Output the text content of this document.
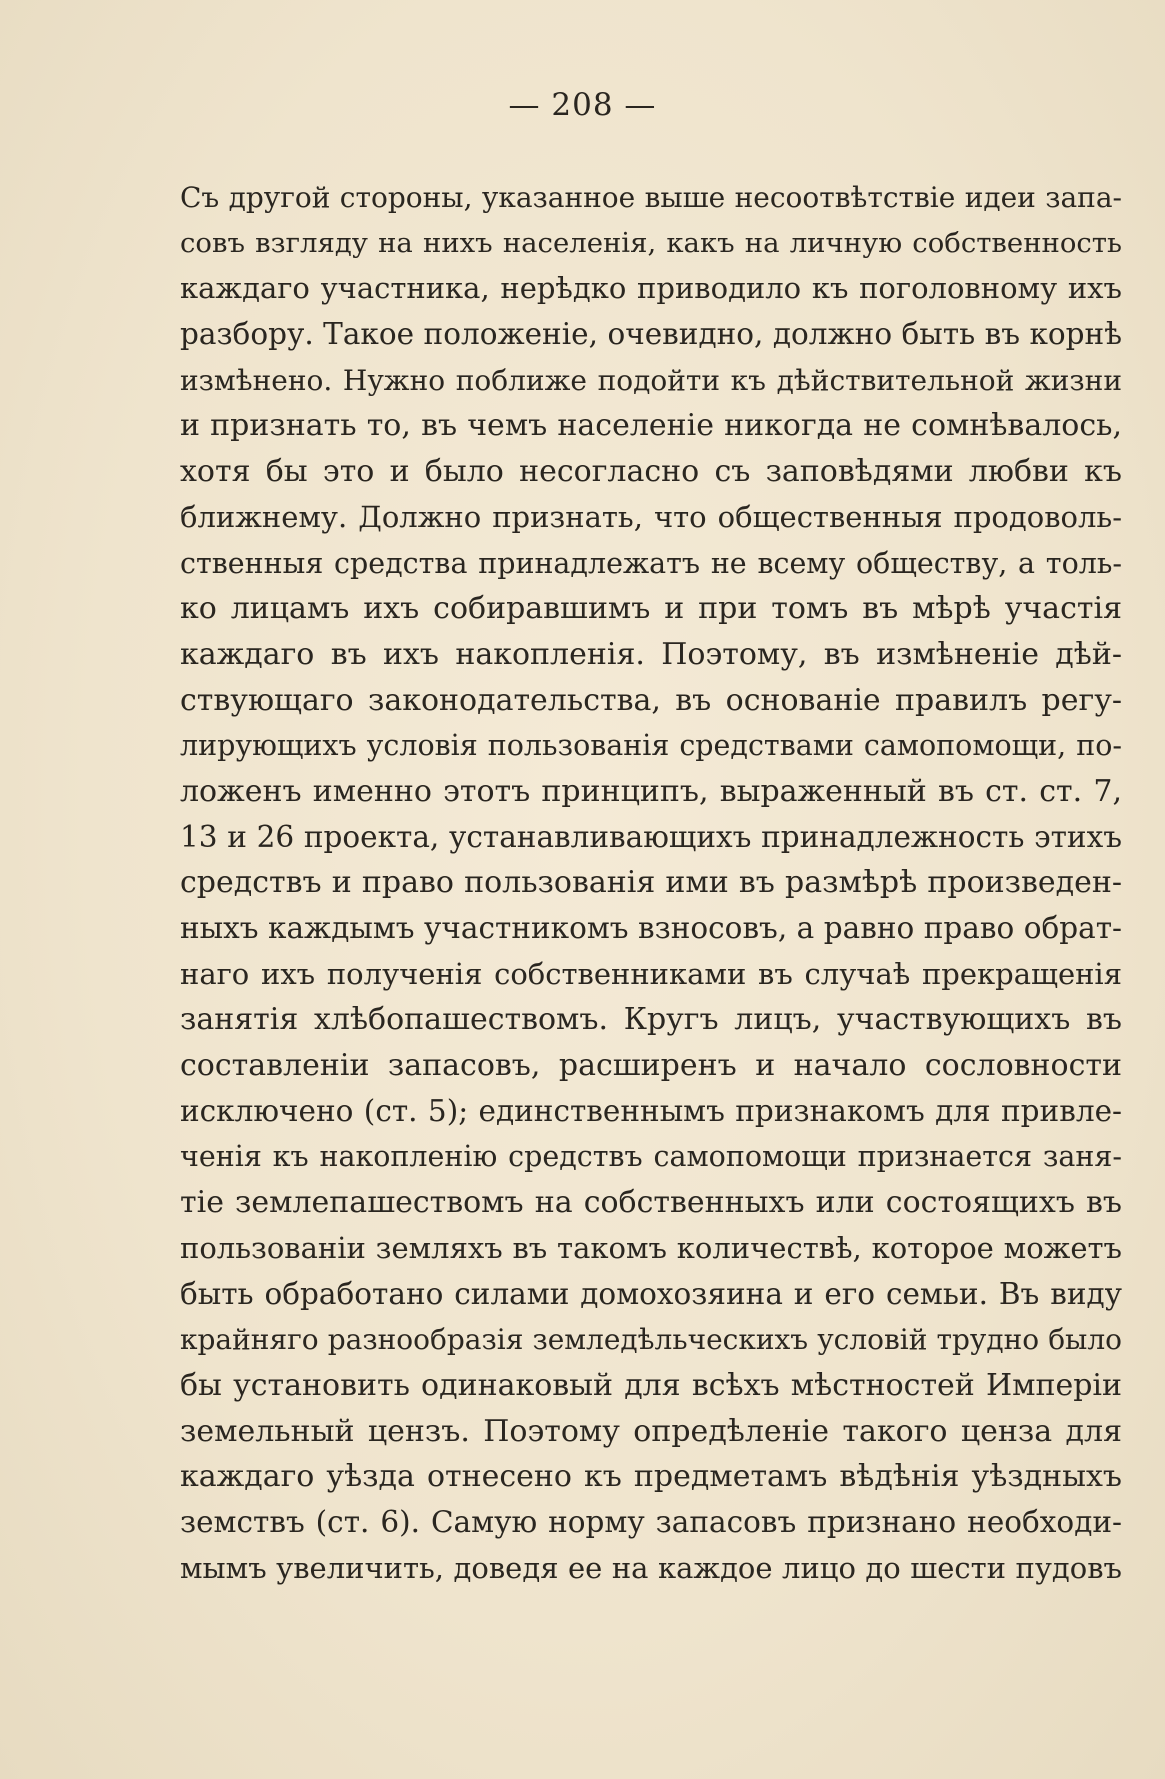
— 208 —
Съ другой стороны, указанное выше несоотвѣтствіе идеи запа-
совъ взгляду на нихъ населенія, какъ на личную собственность
каждаго участника, нерѣдко приводило къ поголовному ихъ
разбору. Такое положеніе, очевидно, должно быть въ корнѣ
измѣнено. Нужно поближе подойти къ дѣйствительной жизни
и признать то, въ чемъ населеніе никогда не сомнѣвалось,
хотя бы это и было несогласно съ заповѣдями любви къ
ближнему. Должно признать, что общественныя продоволь-
ственныя средства принадлежатъ не всему обществу, а толь-
ко лицамъ ихъ собиравшимъ и при томъ въ мѣрѣ участія
каждаго въ ихъ накопленія. Поэтому, въ измѣненіе дѣй-
ствующаго законодательства, въ основаніе правилъ регу-
лирующихъ условія пользованія средствами самопомощи, по-
ложенъ именно этотъ принципъ, выраженный въ ст. ст. 7,
13 и 26 проекта, устанавливающихъ принадлежность этихъ
средствъ и право пользованія ими въ размѣрѣ произведен-
ныхъ каждымъ участникомъ взносовъ, а равно право обрат-
наго ихъ полученія собственниками въ случаѣ прекращенія
занятія хлѣбопашествомъ. Кругъ лицъ, участвующихъ въ
составленіи запасовъ, расширенъ и начало сословности
исключено (ст. 5); единственнымъ признакомъ для привле-
ченія къ накопленію средствъ самопомощи признается заня-
тіе землепашествомъ на собственныхъ или состоящихъ въ
пользованіи земляхъ въ такомъ количествѣ, которое можетъ
быть обработано силами домохозяина и его семьи. Въ виду
крайняго разнообразія земледѣльческихъ условій трудно было
бы установить одинаковый для всѣхъ мѣстностей Имперіи
земельный цензъ. Поэтому опредѣленіе такого ценза для
каждаго уѣзда отнесено къ предметамъ вѣдѣнія уѣздныхъ
земствъ (ст. 6). Самую норму запасовъ признано необходи-
мымъ увеличить, доведя ее на каждое лицо до шести пудовъ
